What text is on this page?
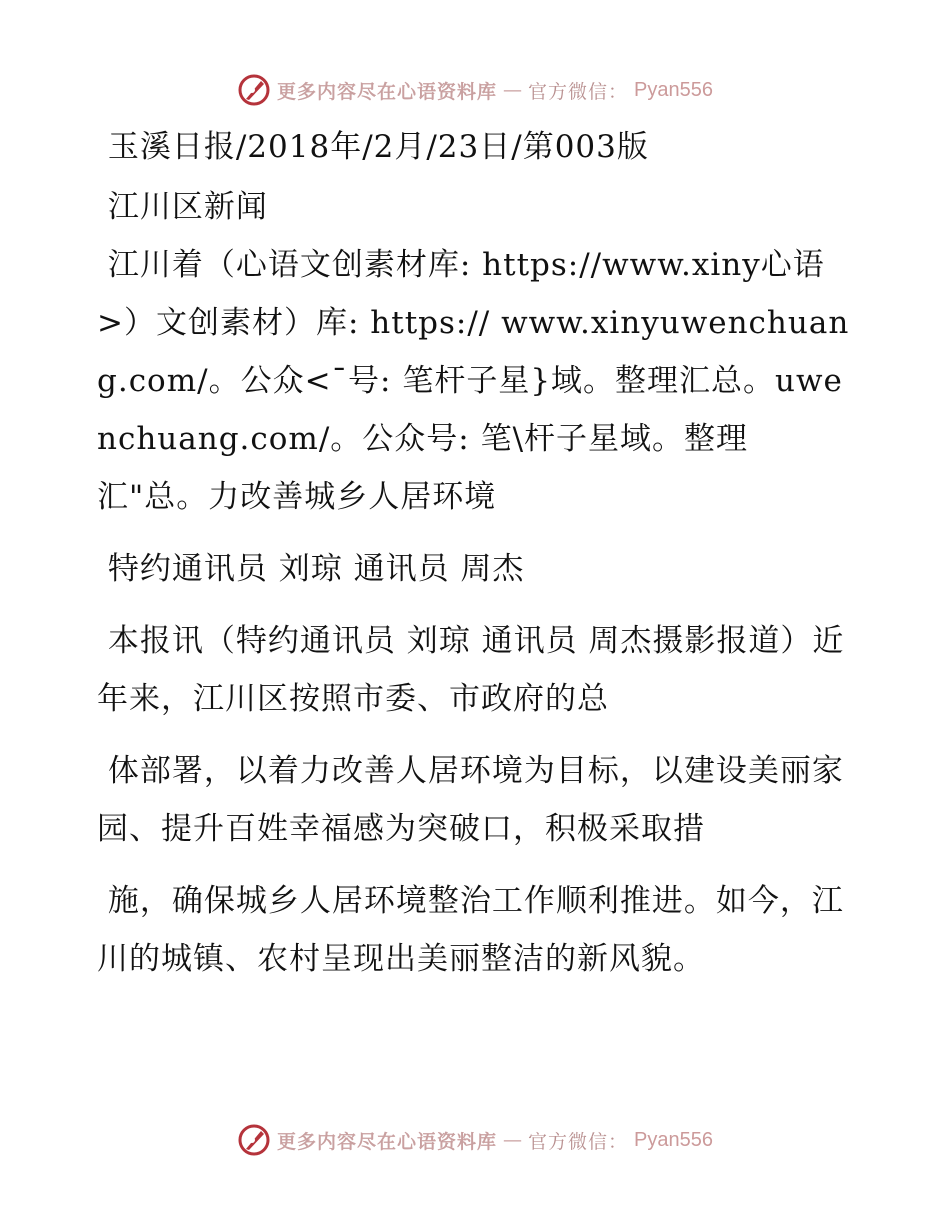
更多内容尽在心语资料库 — 官方微信： Pyan556

玉溪日报/2018年/2月/23日/第003版

江川区新闻

江川着（心语文创素材库: https://www.xiny心语>）文创素材）库: https:// www.xinyuwenchuang.com/。公众<¯号: 笔杆子星}域。整理汇总。uwenchuang.com/。公众号: 笔\杆子星域。整理汇"总。力改善城乡人居环境

特约通讯员 刘琼 通讯员 周杰

本报讯（特约通讯员 刘琼 通讯员 周杰摄影报道）近年来，江川区按照市委、市政府的总

体部署，以着力改善人居环境为目标，以建设美丽家园、提升百姓幸福感为突破口，积极采取措

施，确保城乡人居环境整治工作顺利推进。如今，江川的城镇、农村呈现出美丽整洁的新风貌。

更多内容尽在心语资料库 — 官方微信： Pyan556
